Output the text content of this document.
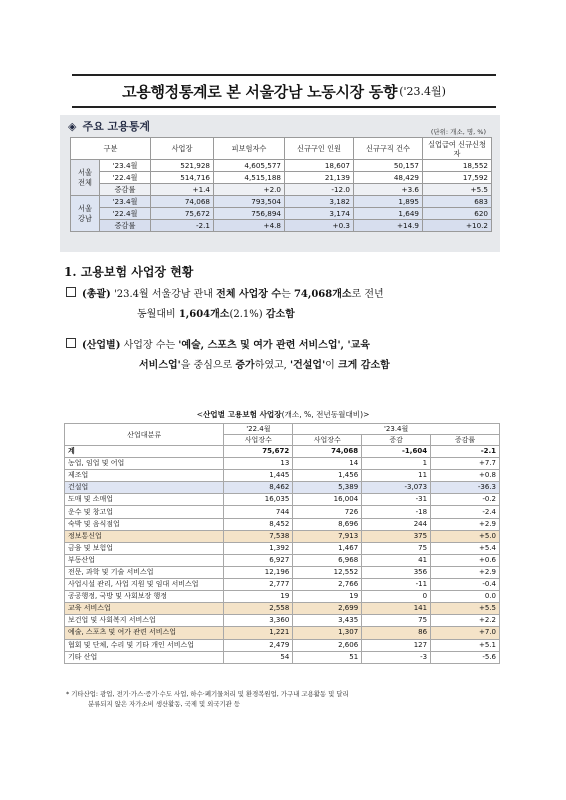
고용행정통계로 본 서울강남 노동시장 동향 ('23.4월)
◈ 주요 고용통계	(단위: 개소, 명, %)
구분		사업장	피보험자수	신규구인 인원	신규구직 건수	실업급여 신규신청자
서울 전체	'23.4월	521,928	4,605,577	18,607	50,157	18,552
	'22.4월	514,716	4,515,188	21,139	48,429	17,592
	증감률	+1.4	+2.0	-12.0	+3.6	+5.5
서울 강남	'23.4월	74,068	793,504	3,182	1,895	683
	'22.4월	75,672	756,894	3,174	1,649	620
	증감률	-2.1	+4.8	+0.3	+14.9	+10.2
1. 고용보험 사업장 현황
(총괄) '23.4월 서울강남 관내 전체 사업장 수는 74,068개소로 전년
동월대비 1,604개소(2.1%) 감소함
(산업별) 사업장 수는 '예술, 스포츠 및 여가 관련 서비스업', '교육
서비스업'을 중심으로 증가하였고, '건설업'이 크게 감소함
<산업별 고용보험 사업장(개소, %, 전년동월대비)>
산업대분류	'22.4월	'23.4월		
	사업장수	사업장수	증감	증감률
계	75,672	74,068	-1,604	-2.1
농업, 임업 및 어업	13	14	1	+7.7
제조업	1,445	1,456	11	+0.8
건설업	8,462	5,389	-3,073	-36.3
도매 및 소매업	16,035	16,004	-31	-0.2
운수 및 창고업	744	726	-18	-2.4
숙박 및 음식점업	8,452	8,696	244	+2.9
정보통신업	7,538	7,913	375	+5.0
금융 및 보험업	1,392	1,467	75	+5.4
부동산업	6,927	6,968	41	+0.6
전문, 과학 및 기술 서비스업	12,196	12,552	356	+2.9
사업시설 관리, 사업 지원 및 임대 서비스업	2,777	2,766	-11	-0.4
공공행정, 국방 및 사회보장 행정	19	19	0	0.0
교육 서비스업	2,558	2,699	141	+5.5
보건업 및 사회복지 서비스업	3,360	3,435	75	+2.2
예술, 스포츠 및 여가 관련 서비스업	1,221	1,307	86	+7.0
협회 및 단체, 수리 및 기타 개인 서비스업	2,479	2,606	127	+5.1
기타 산업	54	51	-3	-5.6
* 기타산업: 광업, 전기·가스·증기·수도 사업, 하수·폐기물처리 및 환경복원업, 가구내 고용활동 및 달리
분류되지 않은 자가소비 생산활동, 국제 및 외국기관 등
